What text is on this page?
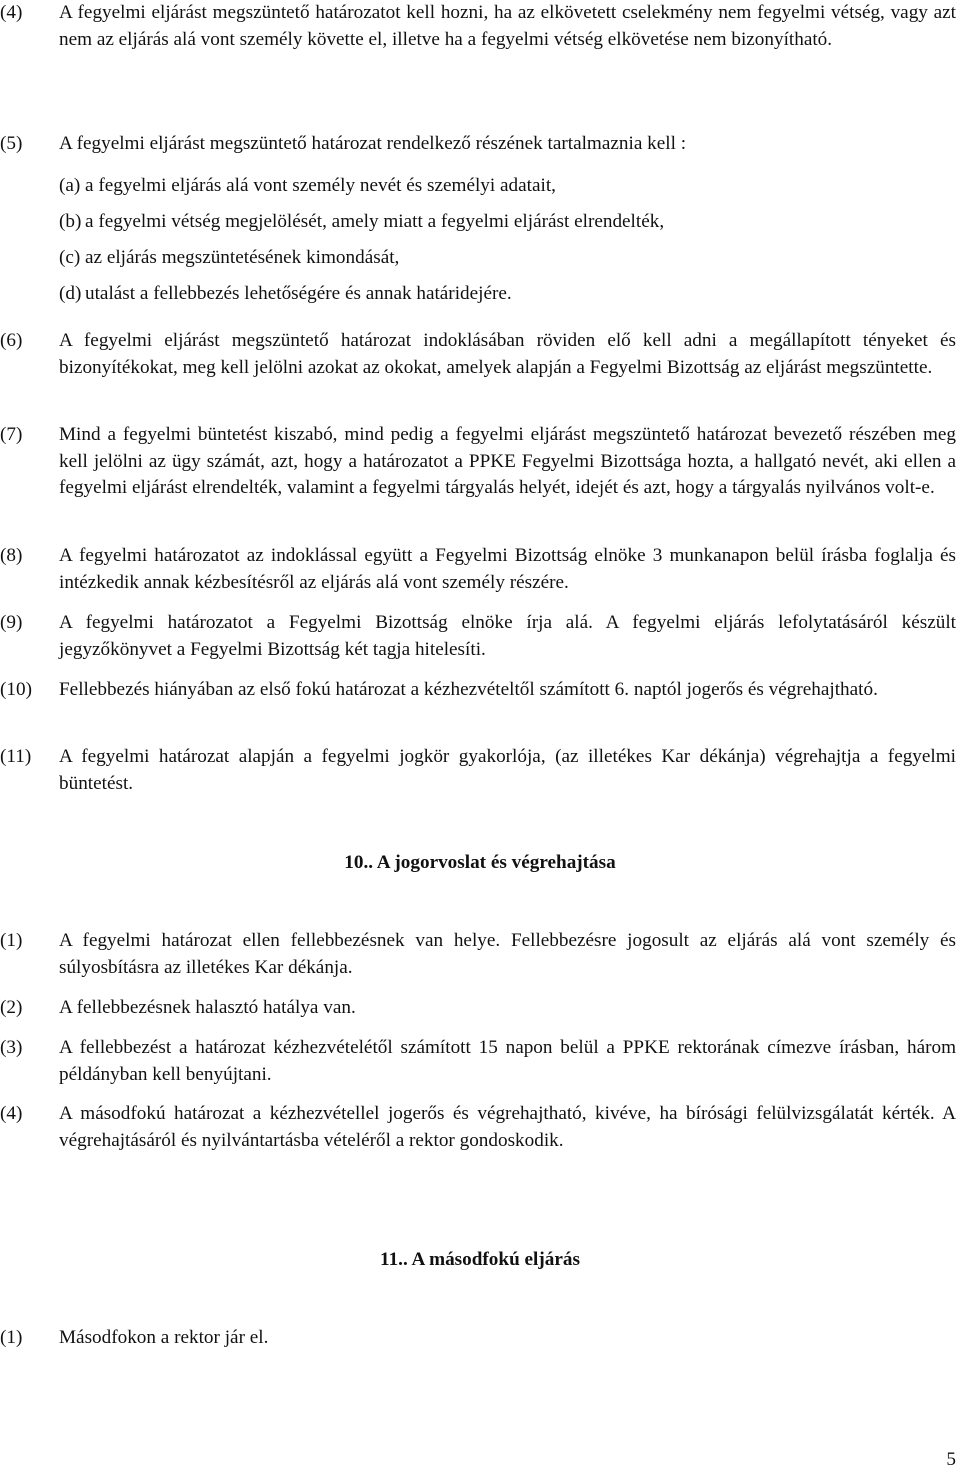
(4) A fegyelmi eljárást megszüntető határozatot kell hozni, ha az elkövetett cselekmény nem fegyelmi vétség, vagy azt nem az eljárás alá vont személy követte el, illetve ha a fegyelmi vétség elkövetése nem bizonyítható.
(5) A fegyelmi eljárást megszüntető határozat rendelkező részének tartalmaznia kell :
(a) a fegyelmi eljárás alá vont személy nevét és személyi adatait,
(b) a fegyelmi vétség megjelölését, amely miatt a fegyelmi eljárást elrendelték,
(c) az eljárás megszüntetésének kimondását,
(d) utalást a fellebbezés lehetőségére és annak határidejére.
(6) A fegyelmi eljárást megszüntető határozat indoklásában röviden elő kell adni a megállapított tényeket és bizonyítékokat, meg kell jelölni azokat az okokat, amelyek alapján a Fegyelmi Bizottság az eljárást megszüntette.
(7) Mind a fegyelmi büntetést kiszabó, mind pedig a fegyelmi eljárást megszüntető határozat bevezető részében meg kell jelölni az ügy számát, azt, hogy a határozatot a PPKE Fegyelmi Bizottsága hozta, a hallgató nevét, aki ellen a fegyelmi eljárást elrendelték, valamint a fegyelmi tárgyalás helyét, idejét és azt, hogy a tárgyalás nyilvános volt-e.
(8) A fegyelmi határozatot az indoklással együtt a Fegyelmi Bizottság elnöke 3 munkanapon belül írásba foglalja és intézkedik annak kézbesítésről az eljárás alá vont személy részére.
(9) A fegyelmi határozatot a Fegyelmi Bizottság elnöke írja alá. A fegyelmi eljárás lefolytatásáról készült jegyzőkönyvet a Fegyelmi Bizottság két tagja hitelesíti.
(10) Fellebbezés hiányában az első fokú határozat a kézhezvételtől számított 6. naptól jogerős és végrehajtható.
(11) A fegyelmi határozat alapján a fegyelmi jogkör gyakorlója, (az illetékes Kar dékánja) végrehajtja a fegyelmi büntetést.
10.. A jogorvoslat és végrehajtása
(1) A fegyelmi határozat ellen fellebbezésnek van helye. Fellebbezésre jogosult az eljárás alá vont személy és súlyosbításra az illetékes Kar dékánja.
(2) A fellebbezésnek halasztó hatálya van.
(3) A fellebbezést a határozat kézhezvételétől számított 15 napon belül a PPKE rektorának címezve írásban, három példányban kell benyújtani.
(4) A másodfokú határozat a kézhezvétellel jogerős és végrehajtható, kivéve, ha bírósági felülvizsgálatát kérték. A végrehajtásáról és nyilvántartásba vételéről a rektor gondoskodik.
11.. A másodfokú eljárás
(1) Másodfokon a rektor jár el.
5
